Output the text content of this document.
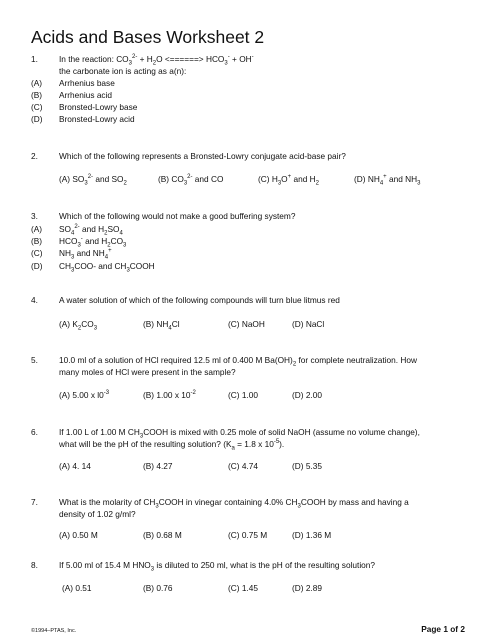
Acids and Bases Worksheet 2
1.	In the reaction: $CO_3^{2-} + H_2O$ <======> $HCO_3^- + OH^-$
the carbonate ion is acting as a(n):
(A) Arrhenius base
(B) Arrhenius acid
(C) Bronsted-Lowry base
(D) Bronsted-Lowry acid
2.	Which of the following represents a Bronsted-Lowry conjugate acid-base pair?
(A) $SO_3^{2-}$ and $SO_2$	(B) $CO_3^{2-}$ and CO	(C) $H_3O^+$ and $H_2$	(D) $NH_4^+$ and $NH_3$
3.	Which of the following would not make a good buffering system?
(A) $SO_4^{2-}$ and $H_2SO_4$
(B) $HCO_3^-$ and $H_2CO_3$
(C) $NH_3$ and $NH_4^+$
(D) $CH_3COO-$ and $CH_3COOH$
4.	A water solution of which of the following compounds will turn blue litmus red
(A) $K_2CO_3$	(B) $NH_4Cl$	(C) NaOH	(D) NaCl
5.	10.0 ml of a solution of HCl required 12.5 ml of 0.400 M $Ba(OH)_2$ for complete neutralization. How
many moles of HCl were present in the sample?
(A) 5.00 x $l0^{-3}$	(B) 1.00 x $10^{-2}$	(C) 1.00	(D) 2.00
6.	If 1.00 L of 1.00 M $CH_3COOH$ is mixed with 0.25 mole of solid NaOH (assume no volume change),
what will be the pH of the resulting solution? ($K_a = 1.8$ x $10^{-5}$).
(A) 4. 14	(B) 4.27	(C) 4.74	(D) 5.35
7.	What is the molarity of $CH_3COOH$ in vinegar containing 4.0% $CH_3COOH$ by mass and having a
density of 1.02 g/ml?
(A) 0.50 M	(B) 0.68 M	(C) 0.75 M	(D) 1.36 M
8.	If 5.00 ml of 15.4 M $HNO_3$ is diluted to 250 ml, what is the pH of the resulting solution?
(A) 0.51	(B) 0.76	(C) 1.45	(D) 2.89
©1994–PTAS, Inc.	Page 1 of 2
